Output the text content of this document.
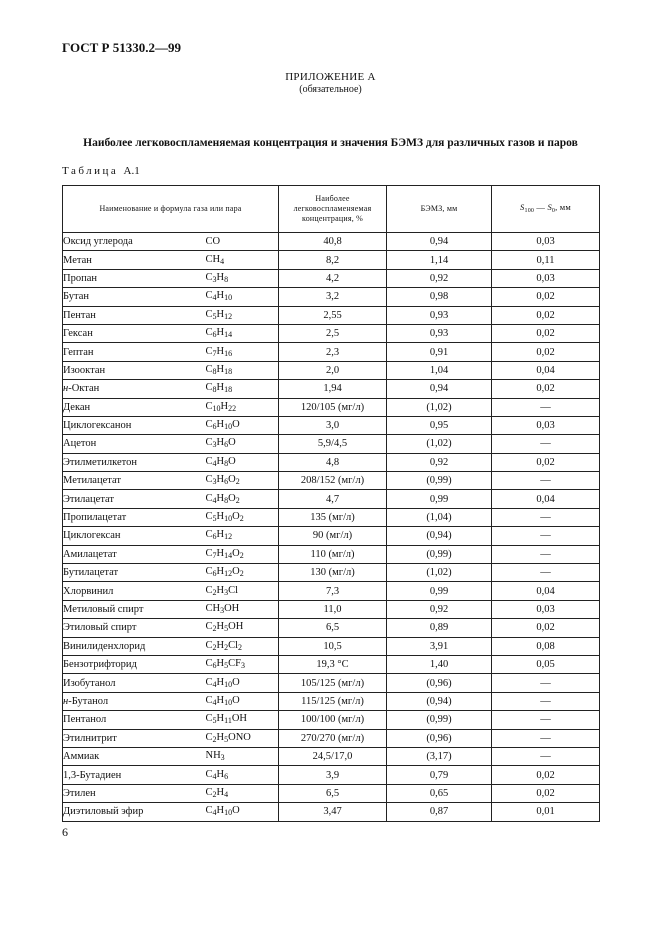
ГОСТ Р 51330.2—99
ПРИЛОЖЕНИЕ А
(обязательное)
Наиболее легковоспламеняемая концентрация и значения БЭМЗ для различных газов и паров
Таблица А.1
Наименование и формула газа или пара		Наиболее легковоспламеняемая концентрация, %	БЭМЗ, мм	$S_{100}$ — $S_0$, мм
Оксид углерода	CO	40,8	0,94	0,03
Метан	$CH_4$	8,2	1,14	0,11
Пропан	$C_3H_8$	4,2	0,92	0,03
Бутан	$C_4H_{10}$	3,2	0,98	0,02
Пентан	$C_5H_{12}$	2,55	0,93	0,02
Гексан	$C_6H_{14}$	2,5	0,93	0,02
Гептан	$C_7H_{16}$	2,3	0,91	0,02
Изооктан	$C_8H_{18}$	2,0	1,04	0,04
н-Октан	$C_8H_{18}$	1,94	0,94	0,02
Декан	$C_{10}H_{22}$	120/105 (мг/л)	(1,02)	—
Циклогексанон	$C_6H_{10}O$	3,0	0,95	0,03
Ацетон	$C_3H_6O$	5,9/4,5	(1,02)	—
Этилметилкетон	$C_4H_8O$	4,8	0,92	0,02
Метилацетат	$C_3H_6O_2$	208/152 (мг/л)	(0,99)	—
Этилацетат	$C_4H_8O_2$	4,7	0,99	0,04
Пропилацетат	$C_5H_{10}O_2$	135 (мг/л)	(1,04)	—
Циклогексан	$C_6H_{12}$	90 (мг/л)	(0,94)	—
Амилацетат	$C_7H_{14}O_2$	110 (мг/л)	(0,99)	—
Бутилацетат	$C_6H_{12}O_2$	130 (мг/л)	(1,02)	—
Хлорвинил	$C_2H_3Cl$	7,3	0,99	0,04
Метиловый спирт	$CH_3OH$	11,0	0,92	0,03
Этиловый спирт	$C_2H_5OH$	6,5	0,89	0,02
Винилиденхлорид	$C_2H_2Cl_2$	10,5	3,91	0,08
Бензотрифторид	$C_6H_5CF_3$	19,3 °С	1,40	0,05
Изобутанол	$C_4H_{10}O$	105/125 (мг/л)	(0,96)	—
н-Бутанол	$C_4H_{10}O$	115/125 (мг/л)	(0,94)	—
Пентанол	$C_5H_{11}OH$	100/100 (мг/л)	(0,99)	—
Этилнитрит	$C_2H_5ONO$	270/270 (мг/л)	(0,96)	—
Аммиак	$NH_3$	24,5/17,0	(3,17)	—
1,3-Бутадиен	$C_4H_6$	3,9	0,79	0,02
Этилен	$C_2H_4$	6,5	0,65	0,02
Диэтиловый эфир	$C_4H_{10}O$	3,47	0,87	0,01
6
